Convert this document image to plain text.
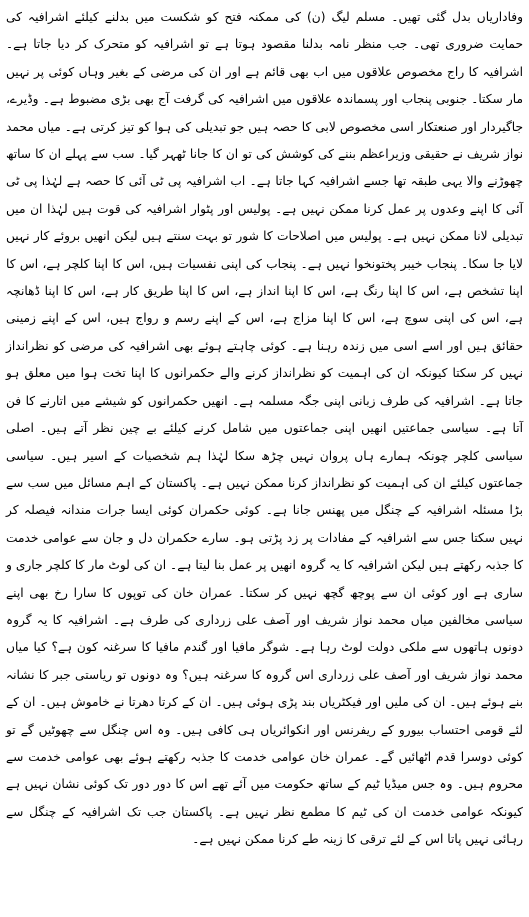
وفاداریاں بدل گئی تھیں۔ مسلم لیگ (ن) کی ممکنہ فتح کو شکست میں بدلنے کیلئے اشرافیہ کی حمایت ضروری تھی۔ جب منظر نامہ بدلنا مقصود ہوتا ہے تو اشرافیہ کو متحرک کر دیا جاتا ہے۔ اشرافیہ کا راج مخصوص علاقوں میں اب بھی قائم ہے اور ان کی مرضی کے بغیر وہاں کوئی پر نہیں مار سکتا۔ جنوبی پنجاب اور پسماندہ علاقوں میں اشرافیہ کی گرفت آج بھی بڑی مضبوط ہے۔ وڈیرے، جاگیردار اور صنعتکار اسی مخصوص لابی کا حصہ ہیں جو تبدیلی کی ہوا کو تیز کرتی ہے۔ میاں محمد نواز شریف نے حقیقی وزیراعظم بننے کی کوشش کی تو ان کا جانا ٹھہر گیا۔ سب سے پہلے ان کا ساتھ چھوڑنے والا یہی طبقہ تھا جسے اشرافیہ کہا جاتا ہے۔ اب اشرافیہ پی ٹی آئی کا حصہ ہے لہٰذا پی ٹی آئی کا اپنے وعدوں پر عمل کرنا ممکن نہیں ہے۔ پولیس اور پٹوار اشرافیہ کی قوت ہیں لہٰذا ان میں تبدیلی لانا ممکن نہیں ہے۔ پولیس میں اصلاحات کا شور تو بہت سنتے ہیں لیکن انھیں بروئے کار نہیں لایا جا سکا۔ پنجاب خیبر پختونخوا نہیں ہے۔ پنجاب کی اپنی نفسیات ہیں، اس کا اپنا کلچر ہے، اس کا اپنا تشخص ہے، اس کا اپنا رنگ ہے، اس کا اپنا انداز ہے، اس کا اپنا طریق کار ہے، اس کا اپنا ڈھانچہ ہے، اس کی اپنی سوچ ہے، اس کا اپنا مزاج ہے، اس کے اپنے رسم و رواج ہیں، اس کے اپنے زمینی حقائق ہیں اور اسے اسی میں زندہ رہنا ہے۔ کوئی چاہتے ہوئے بھی اشرافیہ کی مرضی کو نظرانداز نہیں کر سکتا کیونکہ ان کی اہمیت کو نظرانداز کرنے والے حکمرانوں کا اپنا تخت ہوا میں معلق ہو جاتا ہے۔ اشرافیہ کی طرف زبانی اپنی جگہ مسلمہ ہے۔ انھیں حکمرانوں کو شیشے میں اتارنے کا فن آتا ہے۔ سیاسی جماعتیں انھیں اپنی جماعتوں میں شامل کرنے کیلئے بے چین نظر آتے ہیں۔ اصلی سیاسی کلچر چونکہ ہمارے ہاں پروان نہیں چڑھ سکا لہٰذا ہم شخصیات کے اسیر ہیں۔ سیاسی جماعتوں کیلئے ان کی اہمیت کو نظرانداز کرنا ممکن نہیں ہے۔ پاکستان کے اہم مسائل میں سب سے بڑا مسئلہ اشرافیہ کے چنگل میں پھنس جانا ہے۔ کوئی حکمران کوئی ایسا جرات مندانہ فیصلہ کر نہیں سکتا جس سے اشرافیہ کے مفادات پر زد پڑتی ہو۔ سارے حکمران دل و جان سے عوامی خدمت کا جذبہ رکھتے ہیں لیکن اشرافیہ کا یہ گروہ انھیں پر عمل بنا لیتا ہے۔ ان کی لوٹ مار کا کلچر جاری و ساری ہے اور کوئی ان سے پوچھ گچھ نہیں کر سکتا۔ عمران خان کی توپوں کا سارا رخ بھی اپنے سیاسی مخالفین میاں محمد نواز شریف اور آصف علی زرداری کی طرف ہے۔ اشرافیہ کا یہ گروہ دونوں ہاتھوں سے ملکی دولت لوٹ رہا ہے۔ شوگر مافیا اور گندم مافیا کا سرغنہ کون ہے؟ کیا میاں محمد نواز شریف اور آصف علی زرداری اس گروہ کا سرغنہ ہیں؟ وہ دونوں تو ریاستی جبر کا نشانہ بنے ہوئے ہیں۔ ان کی ملیں اور فیکٹریاں بند پڑی ہوئی ہیں۔ ان کے کرتا دھرتا نے خاموش ہیں۔ ان کے لئے قومی احتساب بیورو کے ریفرنس اور انکوائریاں ہی کافی ہیں۔ وہ اس چنگل سے چھوٹیں گے تو کوئی دوسرا قدم اٹھائیں گے۔ عمران خان عوامی خدمت کا جذبہ رکھتے ہوئے بھی عوامی خدمت سے محروم ہیں۔ وہ جس میڈیا ٹیم کے ساتھ حکومت میں آئے تھے اس کا دور دور تک کوئی نشان نہیں ہے کیونکہ عوامی خدمت ان کی ٹیم کا مطمع نظر نہیں ہے۔ پاکستان جب تک اشرافیہ کے چنگل سے رہائی نہیں پاتا اس کے لئے ترقی کا زینہ طے کرنا ممکن نہیں ہے۔
